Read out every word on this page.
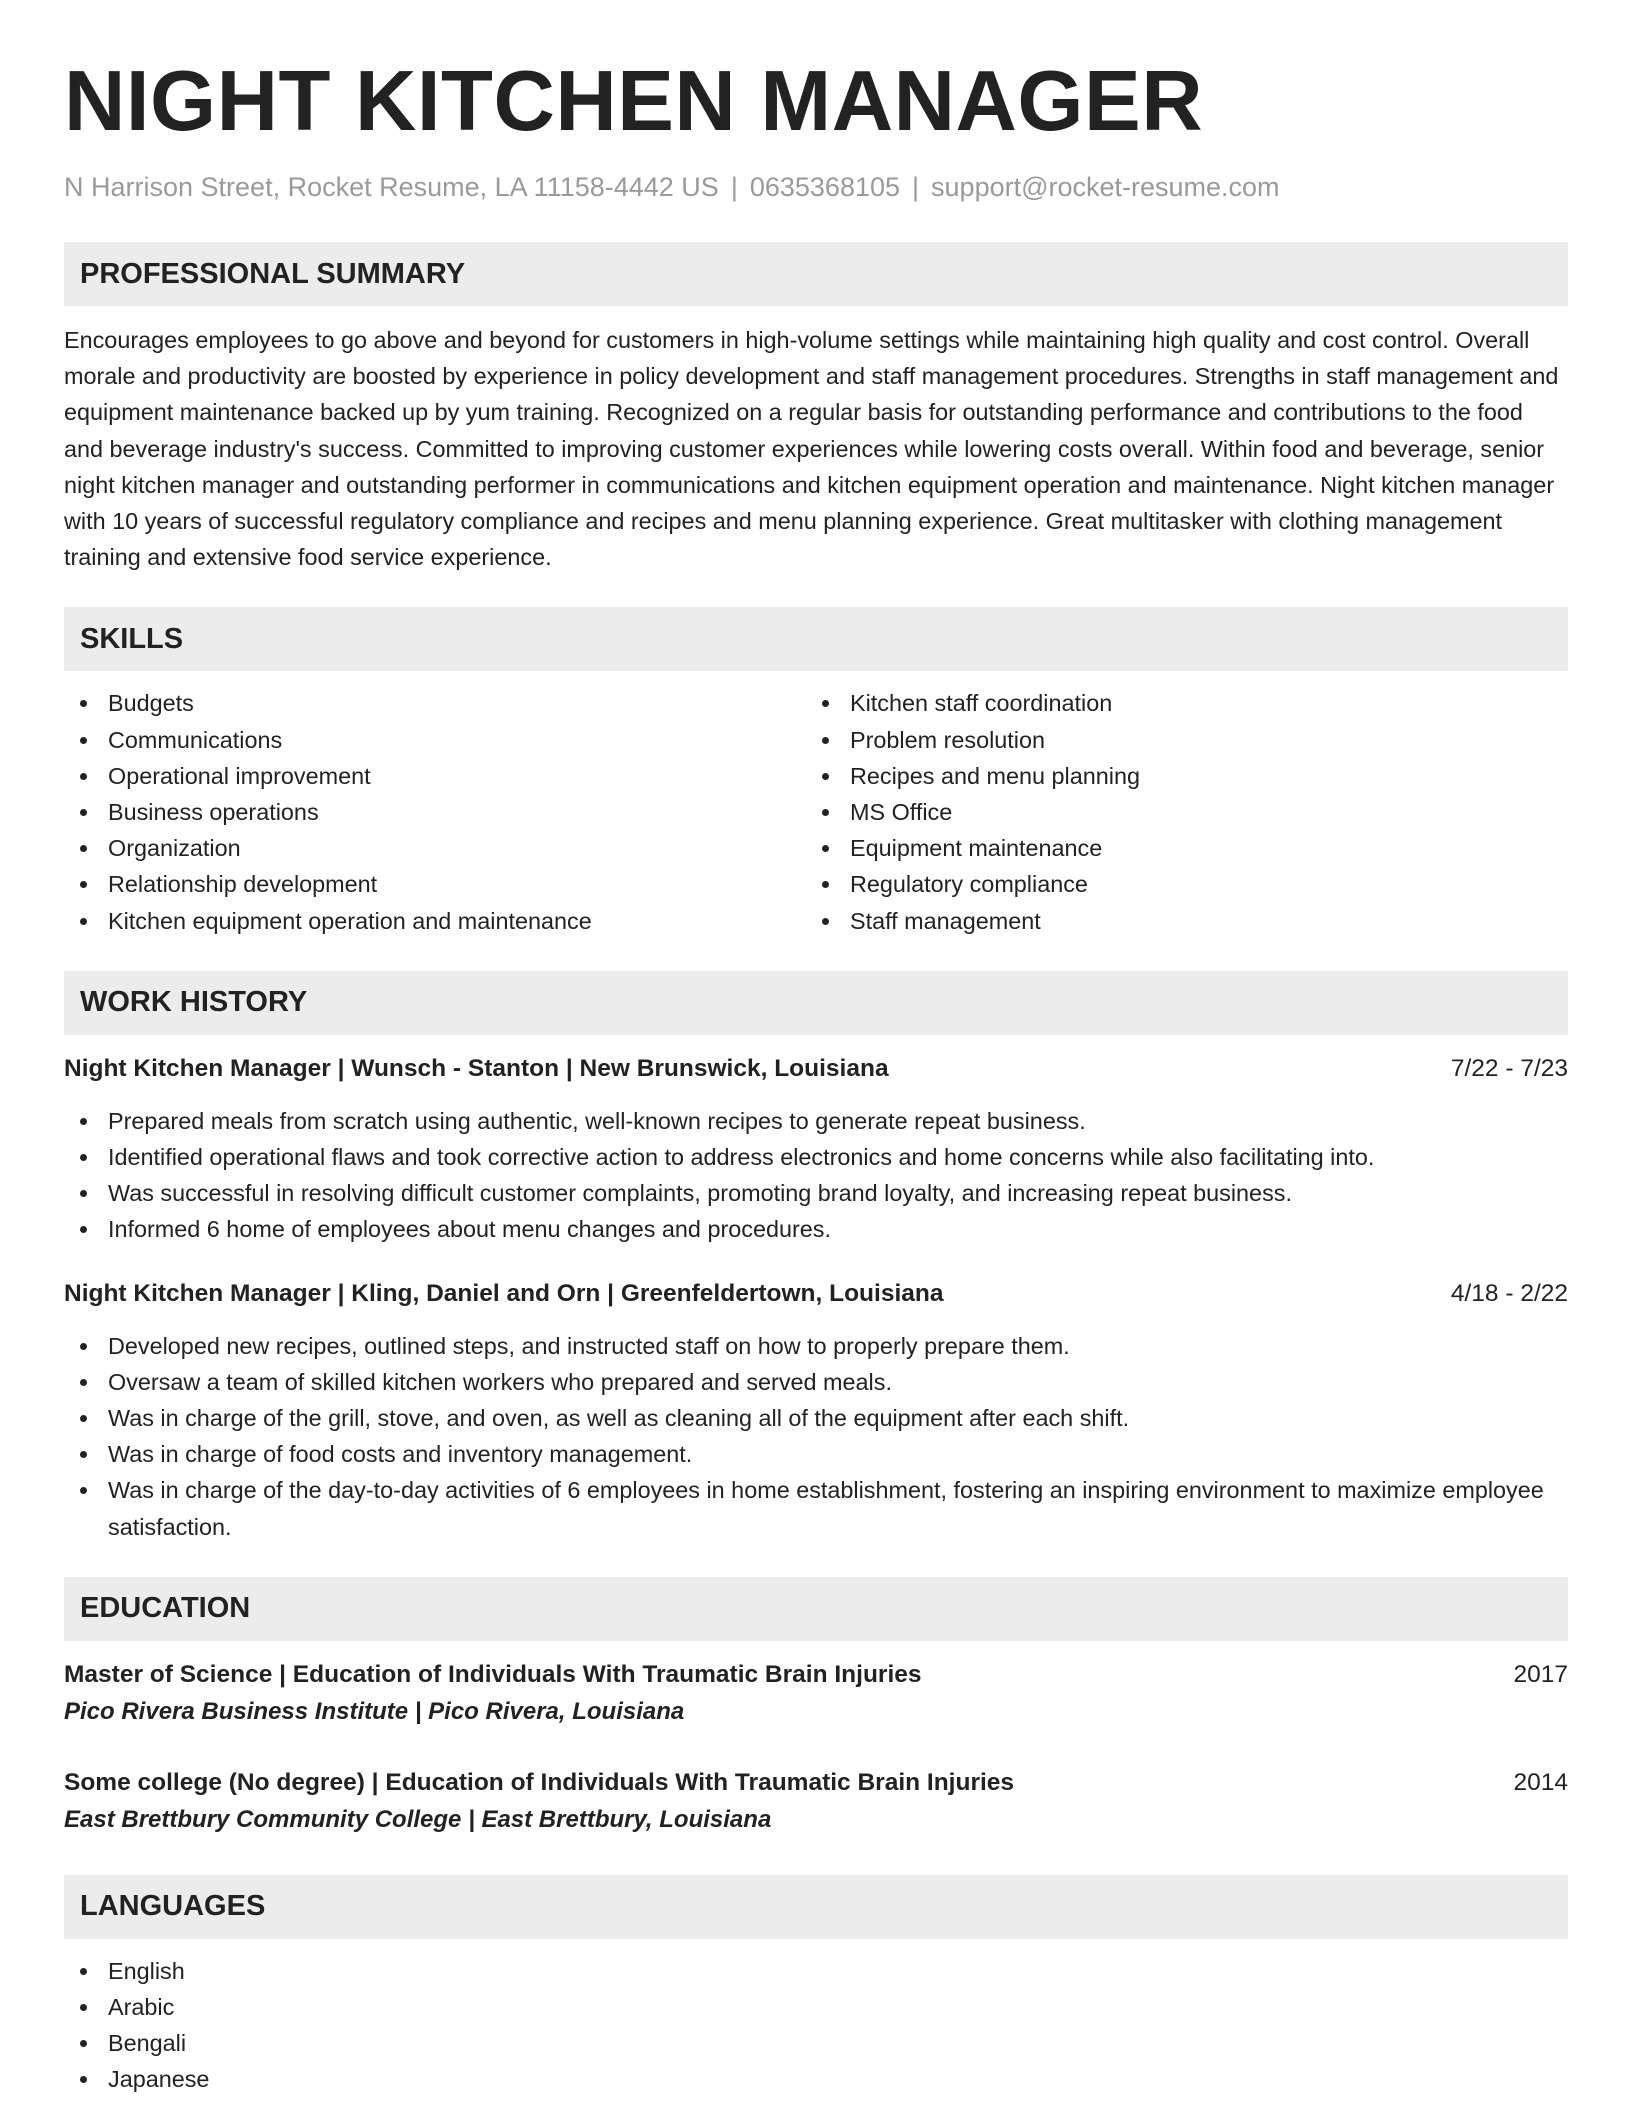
NIGHT KITCHEN MANAGER
N Harrison Street, Rocket Resume, LA 11158-4442 US | 0635368105 | support@rocket-resume.com
PROFESSIONAL SUMMARY
Encourages employees to go above and beyond for customers in high-volume settings while maintaining high quality and cost control. Overall morale and productivity are boosted by experience in policy development and staff management procedures. Strengths in staff management and equipment maintenance backed up by yum training. Recognized on a regular basis for outstanding performance and contributions to the food and beverage industry's success. Committed to improving customer experiences while lowering costs overall. Within food and beverage, senior night kitchen manager and outstanding performer in communications and kitchen equipment operation and maintenance. Night kitchen manager with 10 years of successful regulatory compliance and recipes and menu planning experience. Great multitasker with clothing management training and extensive food service experience.
SKILLS
Budgets
Communications
Operational improvement
Business operations
Organization
Relationship development
Kitchen equipment operation and maintenance
Kitchen staff coordination
Problem resolution
Recipes and menu planning
MS Office
Equipment maintenance
Regulatory compliance
Staff management
WORK HISTORY
Night Kitchen Manager | Wunsch - Stanton | New Brunswick, Louisiana	7/22 - 7/23
Prepared meals from scratch using authentic, well-known recipes to generate repeat business.
Identified operational flaws and took corrective action to address electronics and home concerns while also facilitating into.
Was successful in resolving difficult customer complaints, promoting brand loyalty, and increasing repeat business.
Informed 6 home of employees about menu changes and procedures.
Night Kitchen Manager | Kling, Daniel and Orn | Greenfeldertown, Louisiana	4/18 - 2/22
Developed new recipes, outlined steps, and instructed staff on how to properly prepare them.
Oversaw a team of skilled kitchen workers who prepared and served meals.
Was in charge of the grill, stove, and oven, as well as cleaning all of the equipment after each shift.
Was in charge of food costs and inventory management.
Was in charge of the day-to-day activities of 6 employees in home establishment, fostering an inspiring environment to maximize employee satisfaction.
EDUCATION
Master of Science | Education of Individuals With Traumatic Brain Injuries	2017
Pico Rivera Business Institute | Pico Rivera, Louisiana
Some college (No degree) | Education of Individuals With Traumatic Brain Injuries	2014
East Brettbury Community College | East Brettbury, Louisiana
LANGUAGES
English
Arabic
Bengali
Japanese
